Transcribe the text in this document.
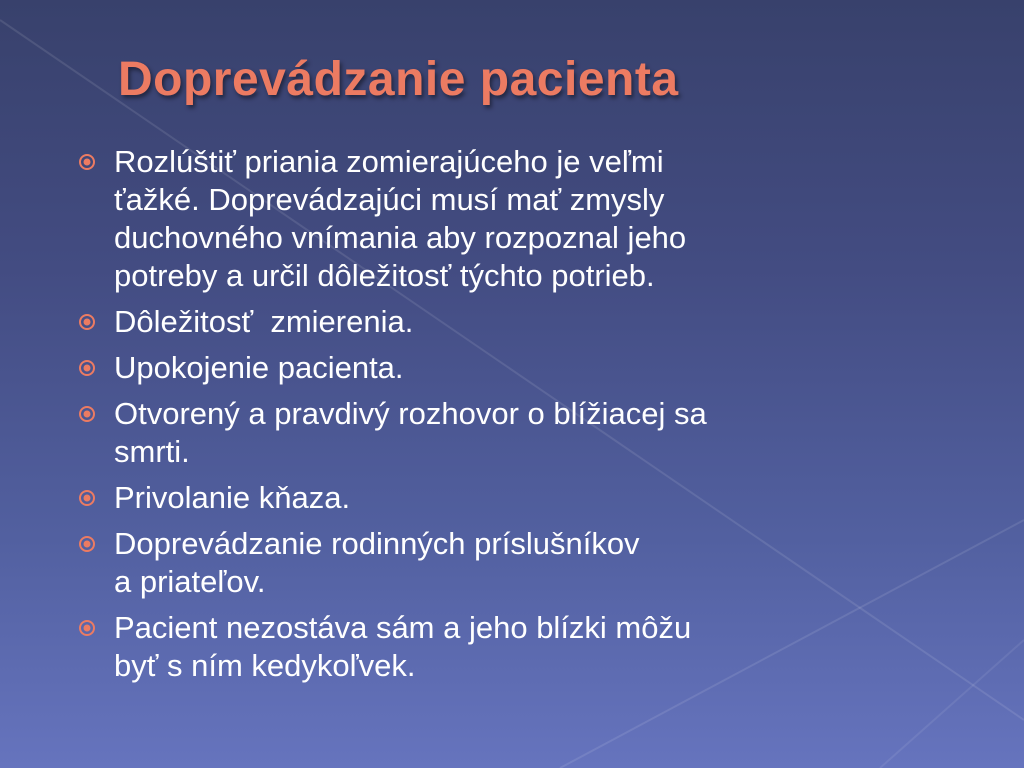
Doprevádzanie pacienta
Rozlúštiť priania zomierajúceho je veľmi
ťažké. Doprevádzajúci musí mať zmysly
duchovného vnímania aby rozpoznal jeho
potreby a určil dôležitosť týchto potrieb.
Dôležitosť  zmierenia.
Upokojenie pacienta.
Otvorený a pravdivý rozhovor o blížiacej sa
smrti.
Privolanie kňaza.
Doprevádzanie rodinných príslušníkov
a priateľov.
Pacient nezostáva sám a jeho blízki môžu
byť s ním kedykoľvek.
